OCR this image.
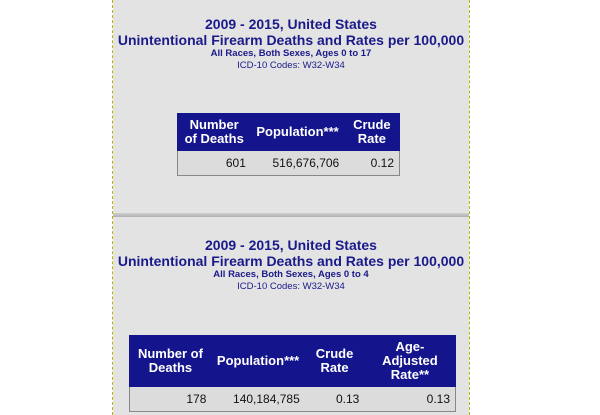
2009 - 2015, United States
Unintentional Firearm Deaths and Rates per 100,000
All Races, Both Sexes, Ages 0 to 17
ICD-10 Codes: W32-W34
Number of Deaths	Population***	Crude Rate
601	516,676,706	0.12
2009 - 2015, United States
Unintentional Firearm Deaths and Rates per 100,000
All Races, Both Sexes, Ages 0 to 4
ICD-10 Codes: W32-W34
Number of Deaths	Population***	Crude Rate	Age-Adjusted Rate**
178	140,184,785	0.13	0.13
